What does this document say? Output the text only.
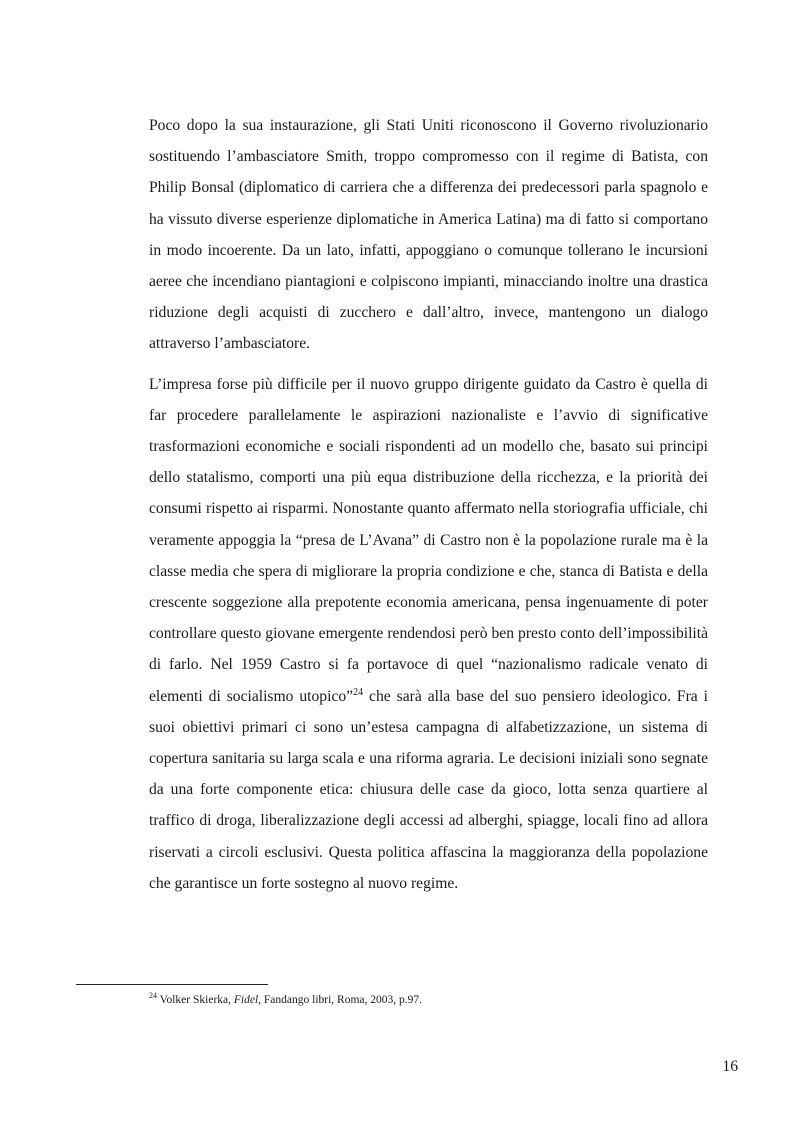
Poco dopo la sua instaurazione, gli Stati Uniti riconoscono il Governo rivoluzionario sostituendo l’ambasciatore Smith, troppo compromesso con il regime di Batista, con Philip Bonsal (diplomatico di carriera che a differenza dei predecessori parla spagnolo e ha vissuto diverse esperienze diplomatiche in America Latina) ma di fatto si comportano in modo incoerente. Da un lato, infatti, appoggiano o comunque tollerano le incursioni aeree che incendiano piantagioni e colpiscono impianti, minacciando inoltre una drastica riduzione degli acquisti di zucchero e dall’altro, invece, mantengono un dialogo attraverso l’ambasciatore.

L’impresa forse più difficile per il nuovo gruppo dirigente guidato da Castro è quella di far procedere parallelamente le aspirazioni nazionaliste e l’avvio di significative trasformazioni economiche e sociali rispondenti ad un modello che, basato sui principi dello statalismo, comporti una più equa distribuzione della ricchezza, e la priorità dei consumi rispetto ai risparmi. Nonostante quanto affermato nella storiografia ufficiale, chi veramente appoggia la “presa de L’Avana” di Castro non è la popolazione rurale ma è la classe media che spera di migliorare la propria condizione e che, stanca di Batista e della crescente soggezione alla prepotente economia americana, pensa ingenuamente di poter controllare questo giovane emergente rendendosi però ben presto conto dell’impossibilità di farlo. Nel 1959 Castro si fa portavoce di quel “nazionalismo radicale venato di elementi di socialismo utopico”$^{24}$ che sarà alla base del suo pensiero ideologico. Fra i suoi obiettivi primari ci sono un’estesa campagna di alfabetizzazione, un sistema di copertura sanitaria su larga scala e una riforma agraria. Le decisioni iniziali sono segnate da una forte componente etica: chiusura delle case da gioco, lotta senza quartiere al traffico di droga, liberalizzazione degli accessi ad alberghi, spiagge, locali fino ad allora riservati a circoli esclusivi. Questa politica affascina la maggioranza della popolazione che garantisce un forte sostegno al nuovo regime.

$^{24}$ Volker Skierka, Fidel, Fandango libri, Roma, 2003, p.97.
16
